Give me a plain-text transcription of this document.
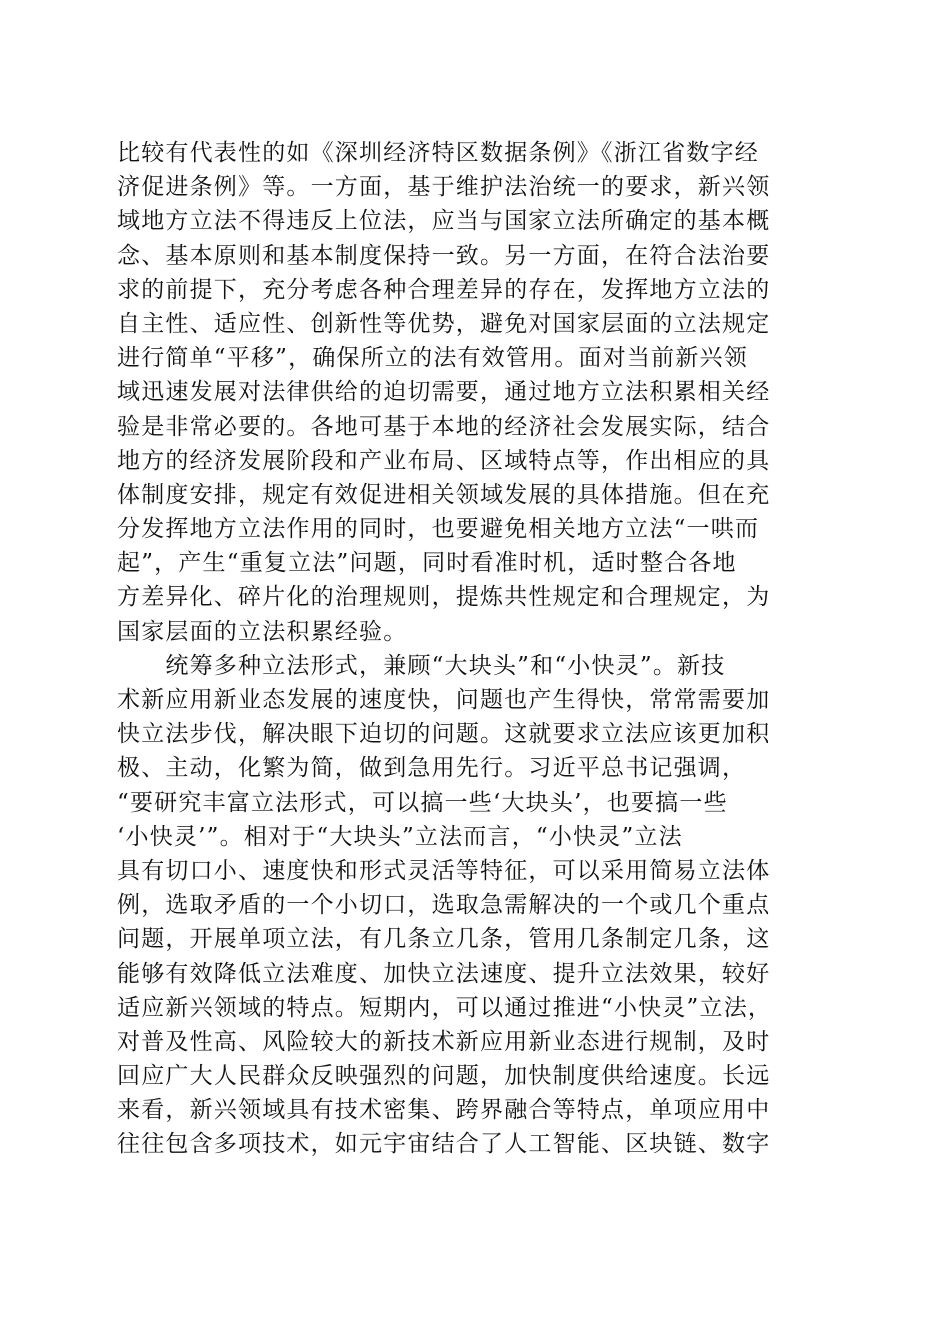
比较有代表性的如《深圳经济特区数据条例》《浙江省数字经
济促进条例》等。一方面，基于维护法治统一的要求，新兴领
域地方立法不得违反上位法，应当与国家立法所确定的基本概
念、基本原则和基本制度保持一致。另一方面，在符合法治要
求的前提下，充分考虑各种合理差异的存在，发挥地方立法的
自主性、适应性、创新性等优势，避免对国家层面的立法规定
进行简单“平移”，确保所立的法有效管用。面对当前新兴领
域迅速发展对法律供给的迫切需要，通过地方立法积累相关经
验是非常必要的。各地可基于本地的经济社会发展实际，结合
地方的经济发展阶段和产业布局、区域特点等，作出相应的具
体制度安排，规定有效促进相关领域发展的具体措施。但在充
分发挥地方立法作用的同时，也要避免相关地方立法“一哄而
起”，产生“重复立法”问题，同时看准时机，适时整合各地
方差异化、碎片化的治理规则，提炼共性规定和合理规定，为
国家层面的立法积累经验。
　　统筹多种立法形式，兼顾“大块头”和“小快灵”。新技
术新应用新业态发展的速度快，问题也产生得快，常常需要加
快立法步伐，解决眼下迫切的问题。这就要求立法应该更加积
极、主动，化繁为简，做到急用先行。习近平总书记强调，
“要研究丰富立法形式，可以搞一些‘大块头’，也要搞一些
‘小快灵’”。相对于“大块头”立法而言，“小快灵”立法
具有切口小、速度快和形式灵活等特征，可以采用简易立法体
例，选取矛盾的一个小切口，选取急需解决的一个或几个重点
问题，开展单项立法，有几条立几条，管用几条制定几条，这
能够有效降低立法难度、加快立法速度、提升立法效果，较好
适应新兴领域的特点。短期内，可以通过推进“小快灵”立法，
对普及性高、风险较大的新技术新应用新业态进行规制，及时
回应广大人民群众反映强烈的问题，加快制度供给速度。长远
来看，新兴领域具有技术密集、跨界融合等特点，单项应用中
往往包含多项技术，如元宇宙结合了人工智能、区块链、数字
